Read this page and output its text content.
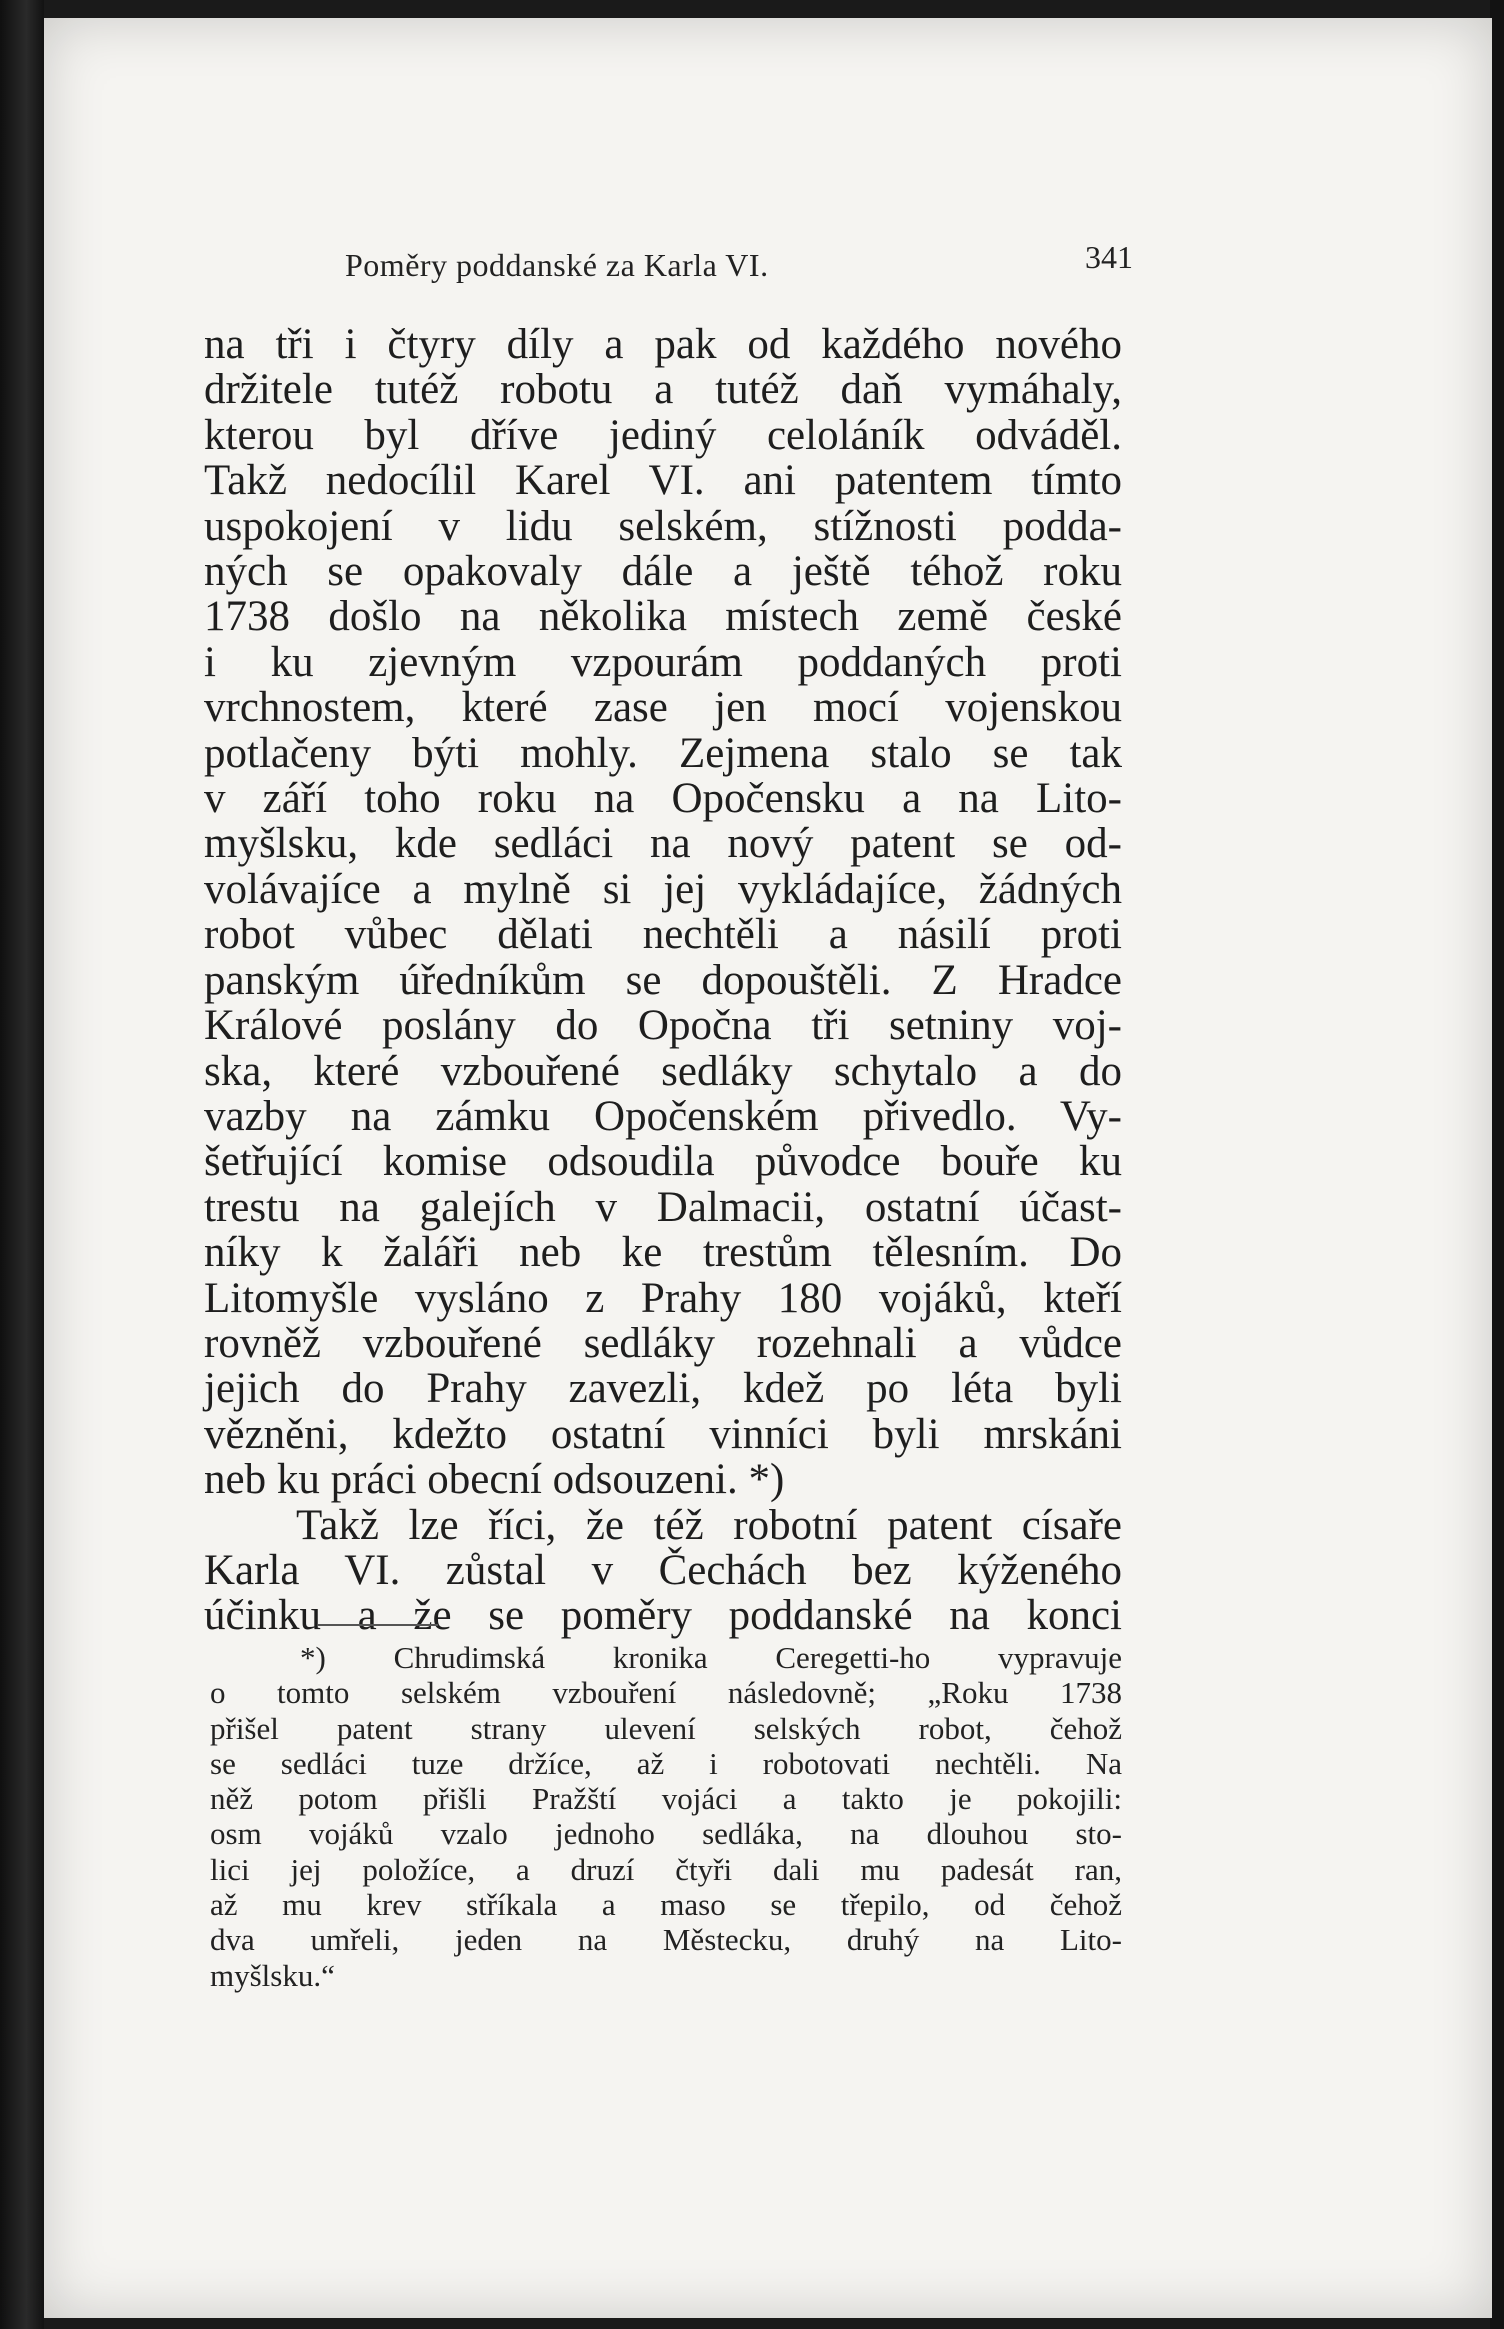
Poměry poddanské za Karla VI.	341
na tři i čtyry díly a pak od každého nového
držitele tutéž robotu a tutéž daň vymáhaly,
kterou byl dříve jediný celoláník odváděl.
Takž nedocílil Karel VI. ani patentem tímto
uspokojení v lidu selském, stížnosti podda-
ných se opakovaly dále a ještě téhož roku
1738 došlo na několika místech země české
i ku zjevným vzpourám poddaných proti
vrchnostem, které zase jen mocí vojenskou
potlačeny býti mohly. Zejmena stalo se tak
v září toho roku na Opočensku a na Lito-
myšlsku, kde sedláci na nový patent se od-
volávajíce a mylně si jej vykládajíce, žádných
robot vůbec dělati nechtěli a násilí proti
panským úředníkům se dopouštěli. Z Hradce
Králové poslány do Opočna tři setniny voj-
ska, které vzbouřené sedláky schytalo a do
vazby na zámku Opočenském přivedlo. Vy-
šetřující komise odsoudila původce bouře ku
trestu na galejích v Dalmacii, ostatní účast-
níky k žaláři neb ke trestům tělesním. Do
Litomyšle vysláno z Prahy 180 vojáků, kteří
rovněž vzbouřené sedláky rozehnali a vůdce
jejich do Prahy zavezli, kdež po léta byli
vězněni, kdežto ostatní vinníci byli mrskáni
neb ku práci obecní odsouzeni. *)
Takž lze říci, že též robotní patent císaře
Karla VI. zůstal v Čechách bez kýženého
účinku a že se poměry poddanské na konci
*) Chrudimská kronika Ceregetti-ho vypravuje
o tomto selském vzbouření následovně; „Roku 1738
přišel patent strany ulevení selských robot, čehož
se sedláci tuze držíce, až i robotovati nechtěli. Na
něž potom přišli Pražští vojáci a takto je pokojili:
osm vojáků vzalo jednoho sedláka, na dlouhou sto-
lici jej položíce, a druzí čtyři dali mu padesát ran,
až mu krev stříkala a maso se třepilo, od čehož
dva umřeli, jeden na Městecku, druhý na Lito-
myšlsku.“
